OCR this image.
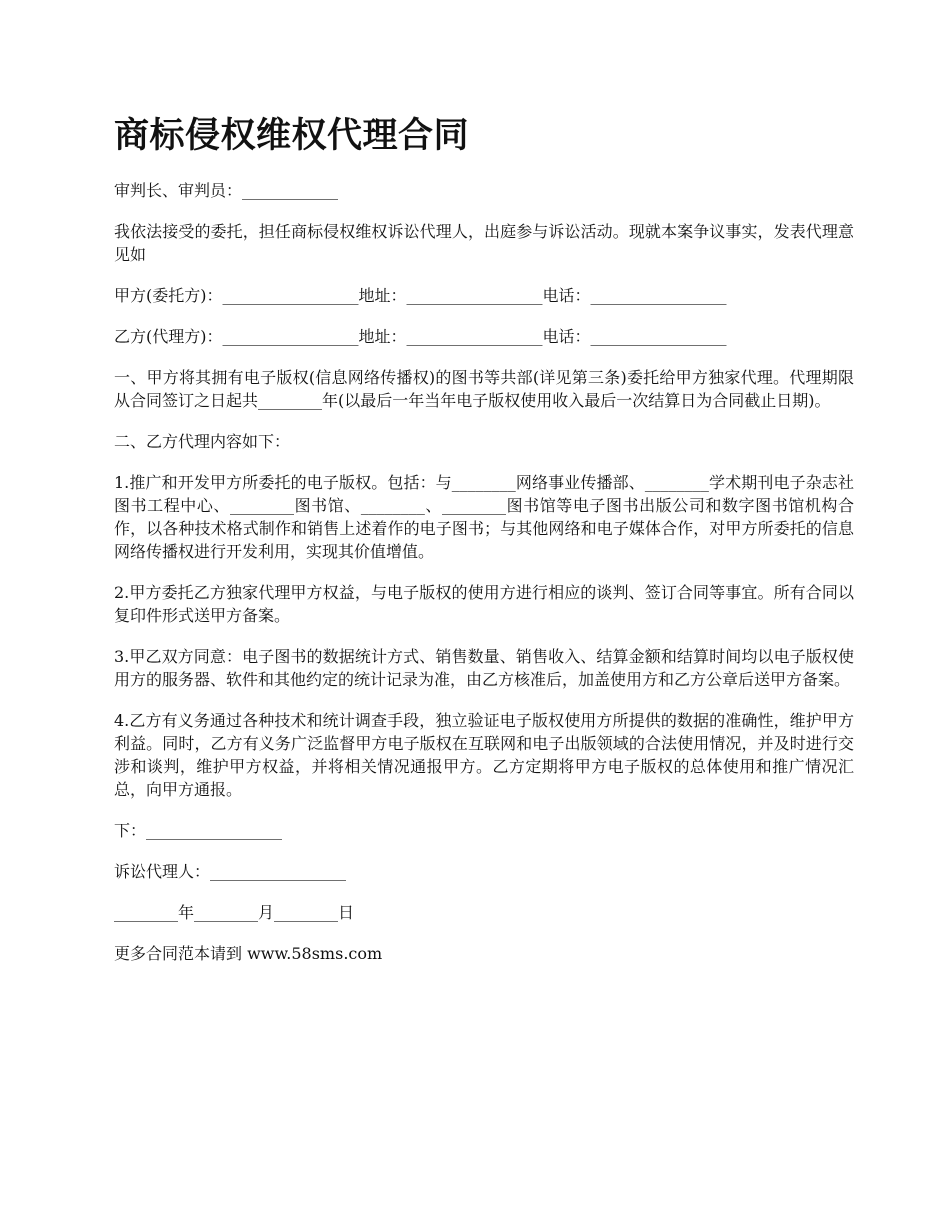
商标侵权维权代理合同

审判长、审判员：____________

我依法接受的委托，担任商标侵权维权诉讼代理人，出庭参与诉讼活动。现就本案争议事实，发表代理意见如

甲方(委托方)：_________________地址：_________________电话：_________________

乙方(代理方)：_________________地址：_________________电话：_________________

一、甲方将其拥有电子版权(信息网络传播权)的图书等共部(详见第三条)委托给甲方独家代理。代理期限从合同签订之日起共________年(以最后一年当年电子版权使用收入最后一次结算日为合同截止日期)。

二、乙方代理内容如下：

1.推广和开发甲方所委托的电子版权。包括：与________网络事业传播部、________学术期刊电子杂志社图书工程中心、________图书馆、________、________图书馆等电子图书出版公司和数字图书馆机构合作，以各种技术格式制作和销售上述着作的电子图书；与其他网络和电子媒体合作，对甲方所委托的信息网络传播权进行开发利用，实现其价值增值。

2.甲方委托乙方独家代理甲方权益，与电子版权的使用方进行相应的谈判、签订合同等事宜。所有合同以复印件形式送甲方备案。

3.甲乙双方同意：电子图书的数据统计方式、销售数量、销售收入、结算金额和结算时间均以电子版权使用方的服务器、软件和其他约定的统计记录为准，由乙方核准后，加盖使用方和乙方公章后送甲方备案。

4.乙方有义务通过各种技术和统计调查手段，独立验证电子版权使用方所提供的数据的准确性，维护甲方利益。同时，乙方有义务广泛监督甲方电子版权在互联网和电子出版领域的合法使用情况，并及时进行交涉和谈判，维护甲方权益，并将相关情况通报甲方。乙方定期将甲方电子版权的总体使用和推广情况汇总，向甲方通报。

下：_________________

诉讼代理人：_________________

________年________月________日

更多合同范本请到 www.58sms.com
